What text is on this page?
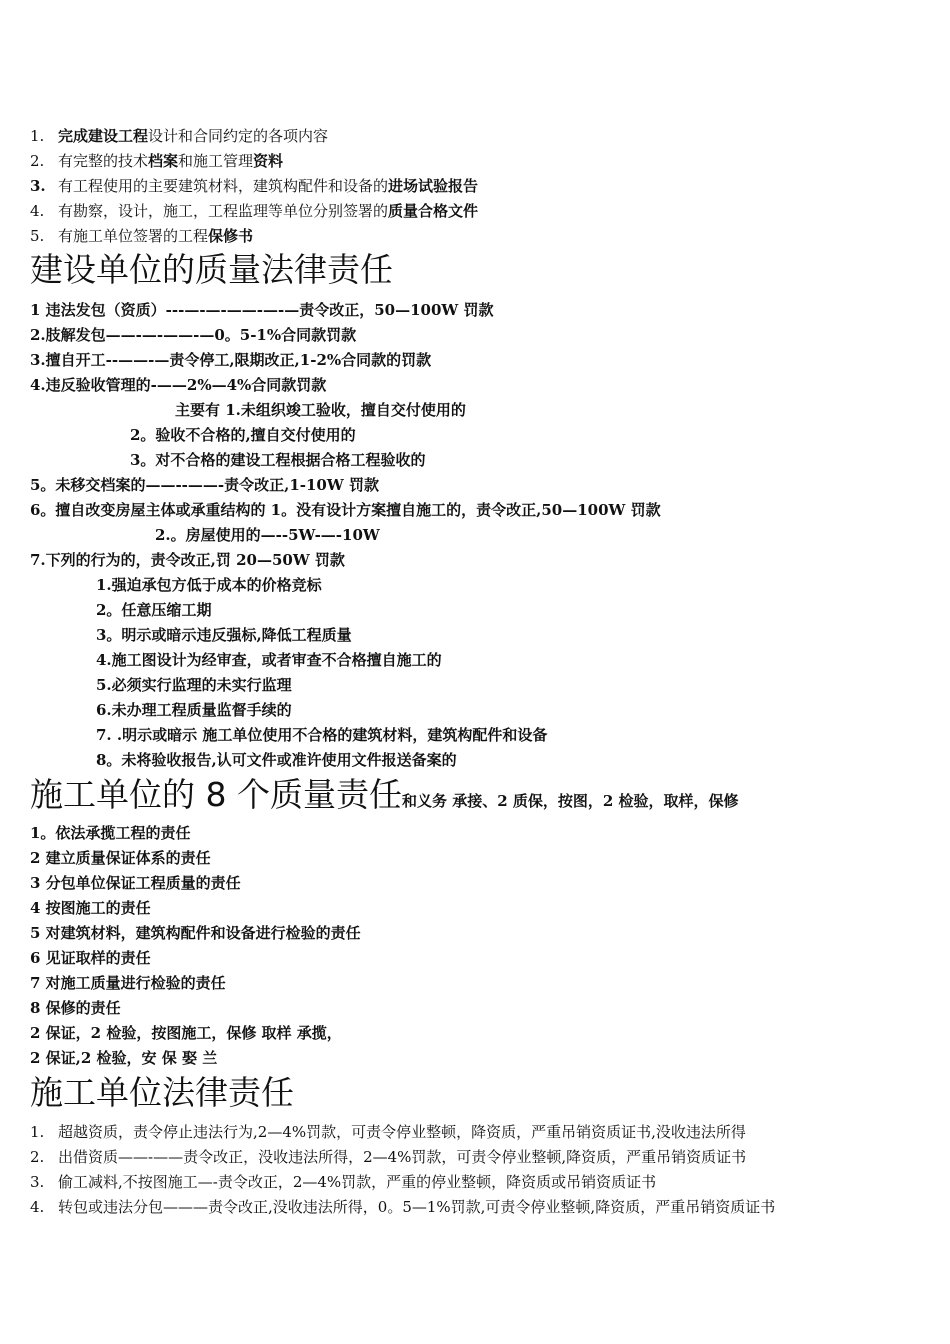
1. 完成建设工程设计和合同约定的各项内容
2. 有完整的技术档案和施工管理资料
3. 有工程使用的主要建筑材料，建筑构配件和设备的进场试验报告
4. 有勘察，设计，施工，工程监理等单位分别签署的质量合格文件
5. 有施工单位签署的工程保修书
建设单位的质量法律责任
1 违法发包（资质）---—-—-——-—-—责令改正，50—100W 罚款
2.肢解发包——-—-——-—0。5-1%合同款罚款
3.擅自开工--——-—责令停工,限期改正,1-2%合同款的罚款
4.违反验收管理的-——2%—4%合同款罚款
主要有 1.未组织竣工验收，擅自交付使用的
2。验收不合格的,擅自交付使用的
3。对不合格的建设工程根据合格工程验收的
5。未移交档案的——--——-责令改正,1-10W 罚款
6。擅自改变房屋主体或承重结构的 1。没有设计方案擅自施工的，责令改正,50—100W 罚款
2.。房屋使用的—--5W-—-10W
7.下列的行为的，责令改正,罚 20—50W 罚款
1.强迫承包方低于成本的价格竞标
2。任意压缩工期
3。明示或暗示违反强标,降低工程质量
4.施工图设计为经审查，或者审查不合格擅自施工的
5.必须实行监理的未实行监理
6.未办理工程质量监督手续的
7. .明示或暗示 施工单位使用不合格的建筑材料，建筑构配件和设备
8。未将验收报告,认可文件或准许使用文件报送备案的
施工单位的 8 个质量责任和义务 承接、2 质保，按图，2 检验，取样，保修
1。依法承揽工程的责任
2 建立质量保证体系的责任
3 分包单位保证工程质量的责任
4 按图施工的责任
5 对建筑材料，建筑构配件和设备进行检验的责任
6 见证取样的责任
7 对施工质量进行检验的责任
8 保修的责任
2 保证，2 检验，按图施工，保修 取样 承揽，
2 保证,2 检验，安 保 娶 兰
施工单位法律责任
1. 超越资质，责令停止违法行为,2—4%罚款，可责令停业整顿，降资质，严重吊销资质证书,没收违法所得
2. 出借资质——-——责令改正，没收违法所得，2—4%罚款，可责令停业整顿,降资质，严重吊销资质证书
3. 偷工减料,不按图施工—-责令改正，2—4%罚款，严重的停业整顿，降资质或吊销资质证书
4. 转包或违法分包———责令改正,没收违法所得，0。5—1%罚款,可责令停业整顿,降资质，严重吊销资质证书
